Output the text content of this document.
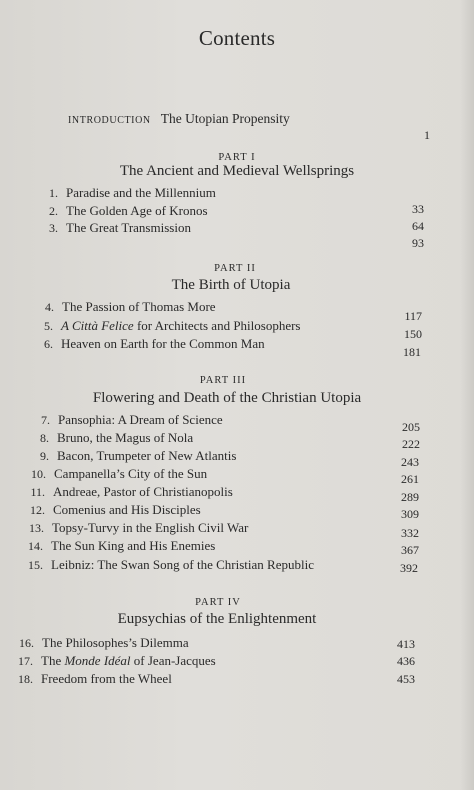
Contents
INTRODUCTION The Utopian Propensity
1
PART I
The Ancient and Medieval Wellsprings
1. Paradise and the Millennium
2. The Golden Age of Kronos
3. The Great Transmission
33
64
93
PART II
The Birth of Utopia
4. The Passion of Thomas More
5. A Città Felice for Architects and Philosophers
6. Heaven on Earth for the Common Man
117
150
181
PART III
Flowering and Death of the Christian Utopia
7. Pansophia: A Dream of Science
8. Bruno, the Magus of Nola
9. Bacon, Trumpeter of New Atlantis
10. Campanella’s City of the Sun
11. Andreae, Pastor of Christianopolis
12. Comenius and His Disciples
13. Topsy-Turvy in the English Civil War
14. The Sun King and His Enemies
15. Leibniz: The Swan Song of the Christian Republic
205
222
243
261
289
309
332
367
392
PART IV
Eupsychias of the Enlightenment
16. The Philosophes’s Dilemma
17. The Monde Idéal of Jean-Jacques
18. Freedom from the Wheel
413
436
453
